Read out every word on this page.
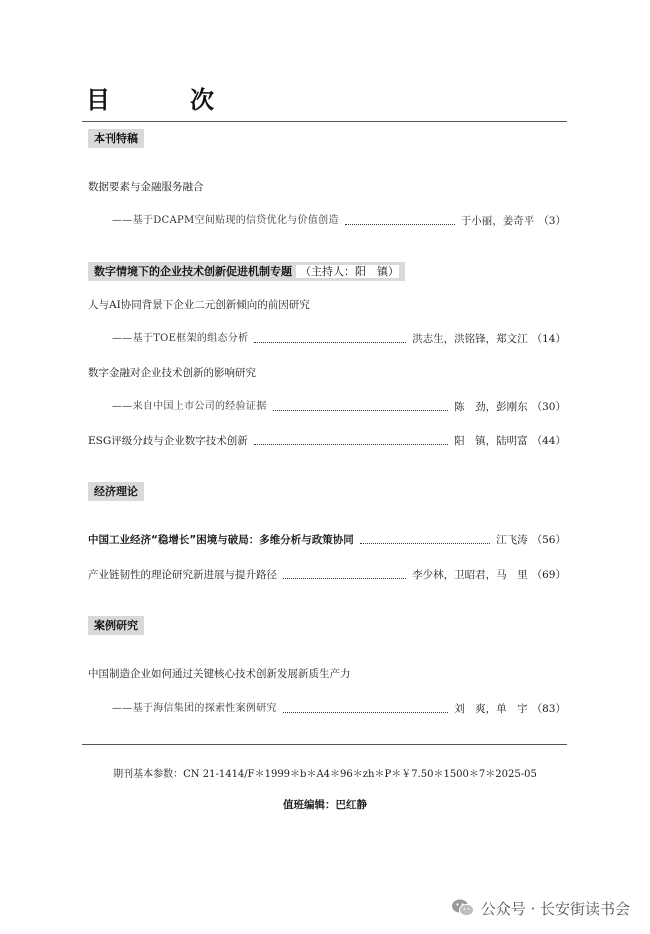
目	次
本刊特稿
数据要素与金融服务融合
——基于DCAPM空间贴现的信贷优化与价值创造	于小丽，姜奇平 （3）
数字情境下的企业技术创新促进机制专题 （主持人：阳　镇）
人与AI协同背景下企业二元创新倾向的前因研究
——基于TOE框架的组态分析	洪志生，洪铭锋，郑文江 （14）
数字金融对企业技术创新的影响研究
——来自中国上市公司的经验证据	陈　劲，彭刚东 （30）
ESG评级分歧与企业数字技术创新	阳　镇，陆明富 （44）
经济理论
中国工业经济“稳增长”困境与破局：多维分析与政策协同	江飞涛 （56）
产业链韧性的理论研究新进展与提升路径	李少林，卫昭君，马　里 （69）
案例研究
中国制造企业如何通过关键核心技术创新发展新质生产力
——基于海信集团的探索性案例研究	刘　爽，单　宇 （83）
期刊基本参数：CN 21-1414/F＊1999＊b＊A4＊96＊zh＊P＊￥7.50＊1500＊7＊2025-05
值班编辑：巴红静
公众号 · 长安街读书会
